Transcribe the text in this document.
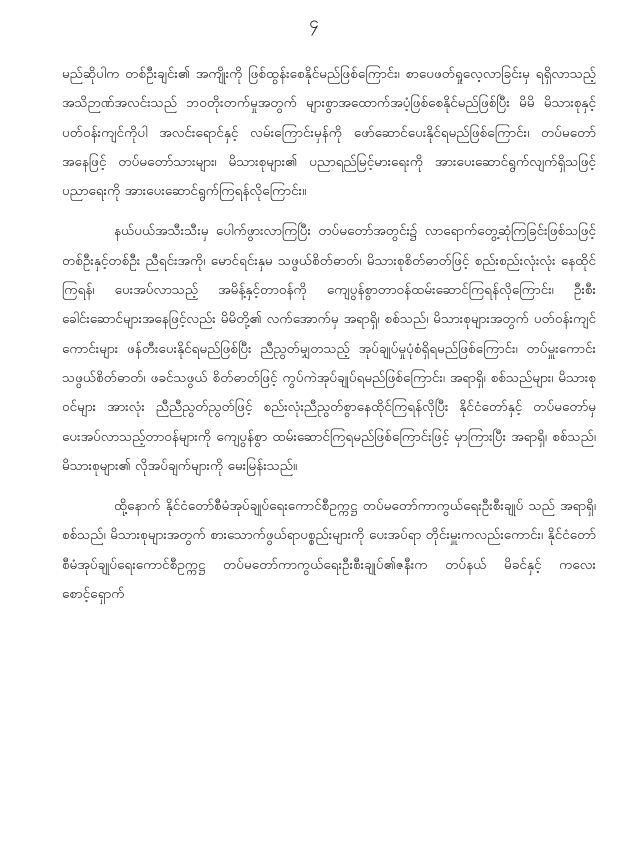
၄

မည်ဆိုပါက တစ်ဦးချင်း၏ အကျိုးကို ဖြစ်ထွန်းစေနိုင်မည်ဖြစ်ကြောင်း၊ စာပေဖတ်ရှုလေ့လာခြင်းမှ ရရှိလာသည့် အသိဉာဏ်အလင်းသည် ဘဝတိုးတက်မှုအတွက် များစွာအထောက်အပံ့ဖြစ်စေနိုင်မည်ဖြစ်ပြီး မိမိ မိသားစုနှင့်ပတ်ဝန်းကျင်ကိုပါ အလင်းရောင်နှင့် လမ်းကြောင်းမှန်ကို ဖော်ဆောင်ပေးနိုင်ရမည်ဖြစ်ကြောင်း၊ တပ်မတော်အနေဖြင့် တပ်မတော်သားများ၊ မိသားစုများ၏ ပညာရည်မြင့်မားရေးကို အားပေးဆောင်ရွက်လျက်ရှိသဖြင့် ပညာရေးကို အားပေးဆောင်ရွက်ကြရန်လိုကြောင်း။

နယ်ပယ်အသီးသီးမှ ပေါက်ဖွားလာကြပြီး တပ်မတော်အတွင်း၌ လာရောက်တွေ့ဆုံကြခြင်းဖြစ်သဖြင့် တစ်ဦးနှင့်တစ်ဦး ညီရင်းအကို၊ မောင်ရင်းနှမ သဖွယ်စိတ်ဓာတ်၊ မိသားစုစိတ်ဓာတ်ဖြင့် စည်းစည်းလုံးလုံး နေထိုင်ကြရန်၊ ပေးအပ်လာသည့် အမိန့်နှင့်တာဝန်ကို ကျေပွန်စွာတာဝန်ထမ်းဆောင်ကြရန်လိုကြောင်း၊ ဦးစီး ခေါင်းဆောင်များအနေဖြင့်လည်း မိမိတို့၏ လက်အောက်မှ အရာရှိ၊ စစ်သည်၊ မိသားစုများအတွက် ပတ်ဝန်းကျင်ကောင်းများ ဖန်တီးပေးနိုင်ရမည်ဖြစ်ပြီး ညီညွတ်မျှတသည့် အုပ်ချုပ်မှုပုံစံရှိရမည်ဖြစ်ကြောင်း၊ တပ်မှူးကောင်းသဖွယ်စိတ်ဓာတ်၊ ဖခင်သဖွယ် စိတ်ဓာတ်ဖြင့် ကွပ်ကဲအုပ်ချုပ်ရမည်ဖြစ်ကြောင်း၊ အရာရှိ၊ စစ်သည်များ၊ မိသားစုဝင်များ အားလုံး ညီညီညွတ်ညွတ်ဖြင့် စည်းလုံးညီညွတ်စွာနေထိုင်ကြရန်လိုပြီး နိုင်ငံတော်နှင့် တပ်မတော်မှ ပေးအပ်လာသည့်တာဝန်များကို ကျေပွန်စွာ ထမ်းဆောင်ကြရမည်ဖြစ်ကြောင်းဖြင့် မှာကြားပြီး အရာရှိ၊ စစ်သည်၊ မိသားစုများ၏ လိုအပ်ချက်များကို မေးမြန်းသည်။

ထို့နောက် နိုင်ငံတော်စီမံအုပ်ချုပ်ရေးကောင်စီဥက္ကဋ္ဌ တပ်မတော်ကာကွယ်ရေးဦးစီးချုပ် သည် အရာရှိ၊ စစ်သည်၊ မိသားစုများအတွက် စားသောက်ဖွယ်ရာပစ္စည်းများကို ပေးအပ်ရာ တိုင်းမှူးကလည်းကောင်း၊ နိုင်ငံတော်စီမံအုပ်ချုပ်ရေးကောင်စီဥက္ကဋ္ဌ တပ်မတော်ကာကွယ်ရေးဦးစီးချုပ်၏ဇနီးက တပ်နယ် မိခင်နှင့် ကလေး စောင့်ရှောက်
